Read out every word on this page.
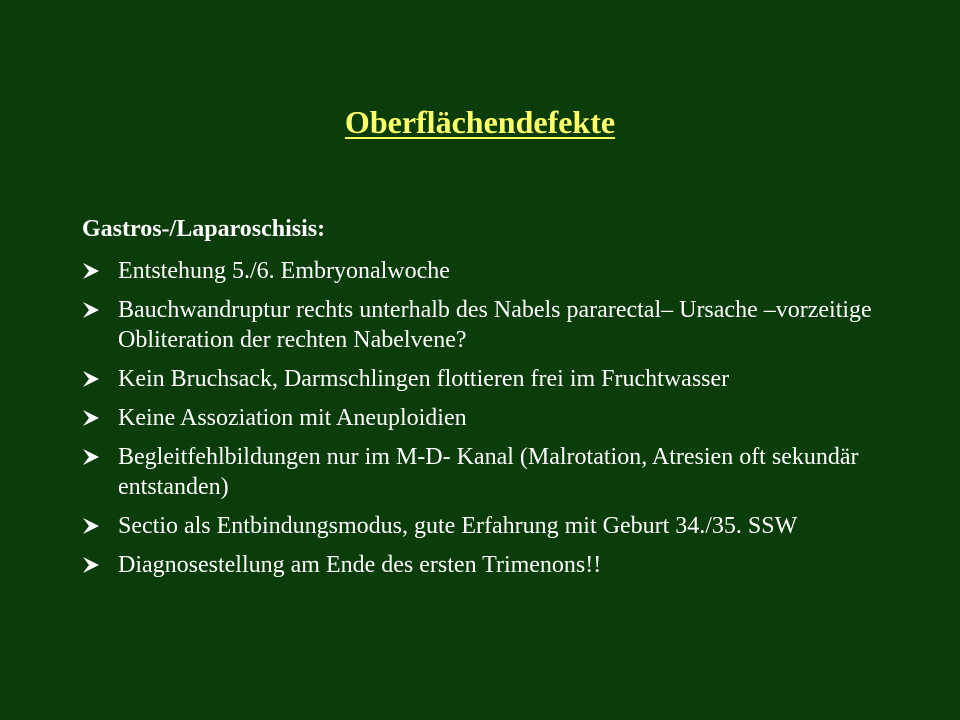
Oberflächendefekte
Gastros-/Laparoschisis:
Entstehung 5./6. Embryonalwoche
Bauchwandruptur rechts unterhalb des Nabels pararectal– Ursache –vorzeitige Obliteration der rechten Nabelvene?
Kein Bruchsack, Darmschlingen flottieren frei im Fruchtwasser
Keine Assoziation mit Aneuploidien
Begleitfehlbildungen nur im M-D- Kanal (Malrotation, Atresien oft sekundär entstanden)
Sectio als Entbindungsmodus, gute Erfahrung mit Geburt 34./35. SSW
Diagnosestellung am Ende des ersten Trimenons!!
